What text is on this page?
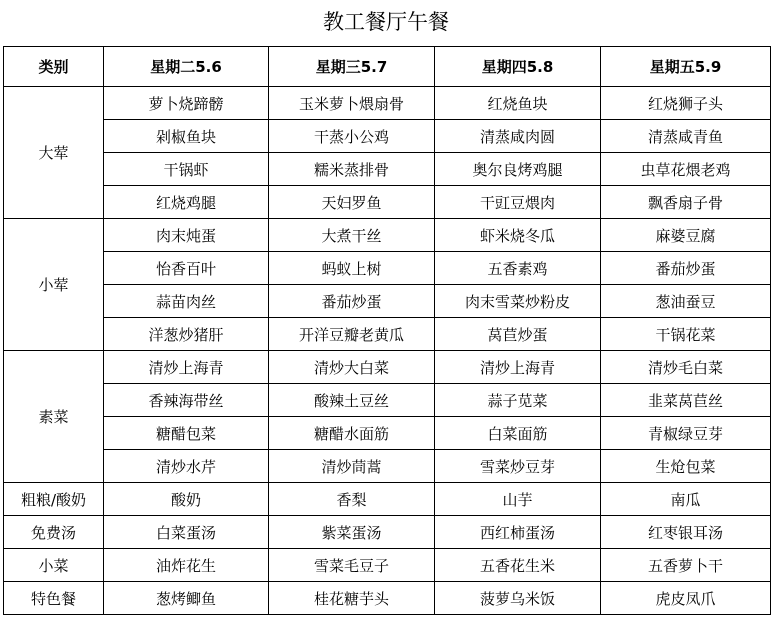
教工餐厅午餐
类别	星期二5.6	星期三5.7	星期四5.8	星期五5.9
大荤	萝卜烧蹄髈	玉米萝卜煨扇骨	红烧鱼块	红烧狮子头
	剁椒鱼块	干蒸小公鸡	清蒸咸肉圆	清蒸咸青鱼
	干锅虾	糯米蒸排骨	奥尔良烤鸡腿	虫草花煨老鸡
	红烧鸡腿	天妇罗鱼	干豇豆煨肉	飘香扇子骨
小荤	肉末炖蛋	大煮干丝	虾米烧冬瓜	麻婆豆腐
	怡香百叶	蚂蚁上树	五香素鸡	番茄炒蛋
	蒜苗肉丝	番茄炒蛋	肉末雪菜炒粉皮	葱油蚕豆
	洋葱炒猪肝	开洋豆瓣老黄瓜	莴苣炒蛋	干锅花菜
素菜	清炒上海青	清炒大白菜	清炒上海青	清炒毛白菜
	香辣海带丝	酸辣土豆丝	蒜子苋菜	韭菜莴苣丝
	糖醋包菜	糖醋水面筋	白菜面筋	青椒绿豆芽
	清炒水芹	清炒茼蒿	雪菜炒豆芽	生炝包菜
粗粮/酸奶	酸奶	香梨	山芋	南瓜
免费汤	白菜蛋汤	紫菜蛋汤	西红柿蛋汤	红枣银耳汤
小菜	油炸花生	雪菜毛豆子	五香花生米	五香萝卜干
特色餐	葱烤鲫鱼	桂花糖芋头	菠萝乌米饭	虎皮凤爪
